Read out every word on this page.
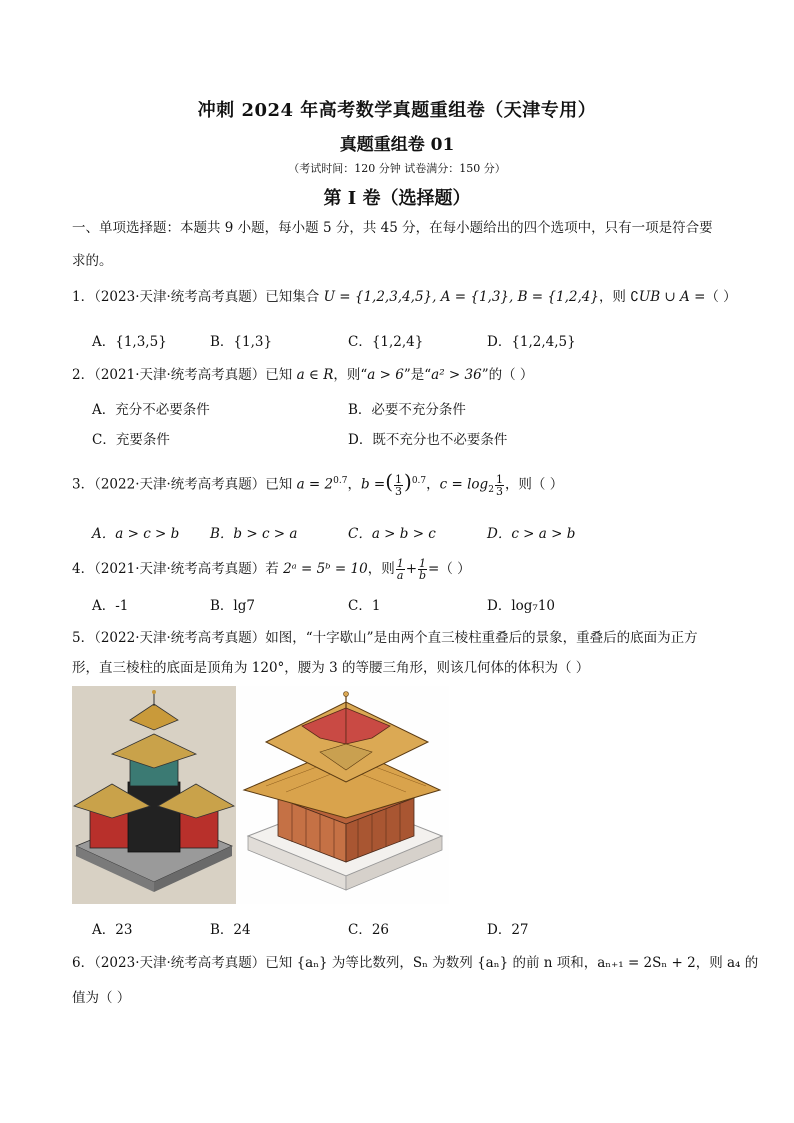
冲刺 2024 年高考数学真题重组卷（天津专用）
真题重组卷 01
（考试时间：120 分钟 试卷满分：150 分）
第 I 卷（选择题）
一、单项选择题：本题共 9 小题，每小题 5 分，共 45 分，在每小题给出的四个选项中，只有一项是符合要
求的。
1．（2023·天津·统考高考真题）已知集合 U = {1,2,3,4,5}, A = {1,3}, B = {1,2,4}，则 ∁UB ∪ A =（ ）
A．{1,3,5}	B．{1,3}	C．{1,2,4}	D．{1,2,4,5}
2．（2021·天津·统考高考真题）已知 a ∈ R，则“a > 6”是“a² > 36”的（ ）
A．充分不必要条件	B．必要不充分条件
C．充要条件	D．既不充分也不必要条件
3．（2022·天津·统考高考真题）已知 $a = 2^{0.7}$，b =( $\frac{1}{3} )^{0.7}$，$c = \log_2 \frac{1}{3}$ ，则（ ）
A．a > c > b B．b > c > a	C．a > b > c	D．c > a > b
4．（2021·天津·统考高考真题）若 2ᵃ = 5ᵇ = 10，则 $\frac{1}{a} + \frac{1}{b}$ =（ ）
A．-1	B．lg7	C．1	D．log₇10
5．（2022·天津·统考高考真题）如图，“十字歇山”是由两个直三棱柱重叠后的景象，重叠后的底面为正方
形，直三棱柱的底面是顶角为 120°，腰为 3 的等腰三角形，则该几何体的体积为（ ）
A．23	B．24	C．26	D．27
6．（2023·天津·统考高考真题）已知 {aₙ} 为等比数列，Sₙ 为数列 {aₙ} 的前 n 项和，aₙ₊₁ = 2Sₙ + 2，则 a₄ 的
值为（ ）
